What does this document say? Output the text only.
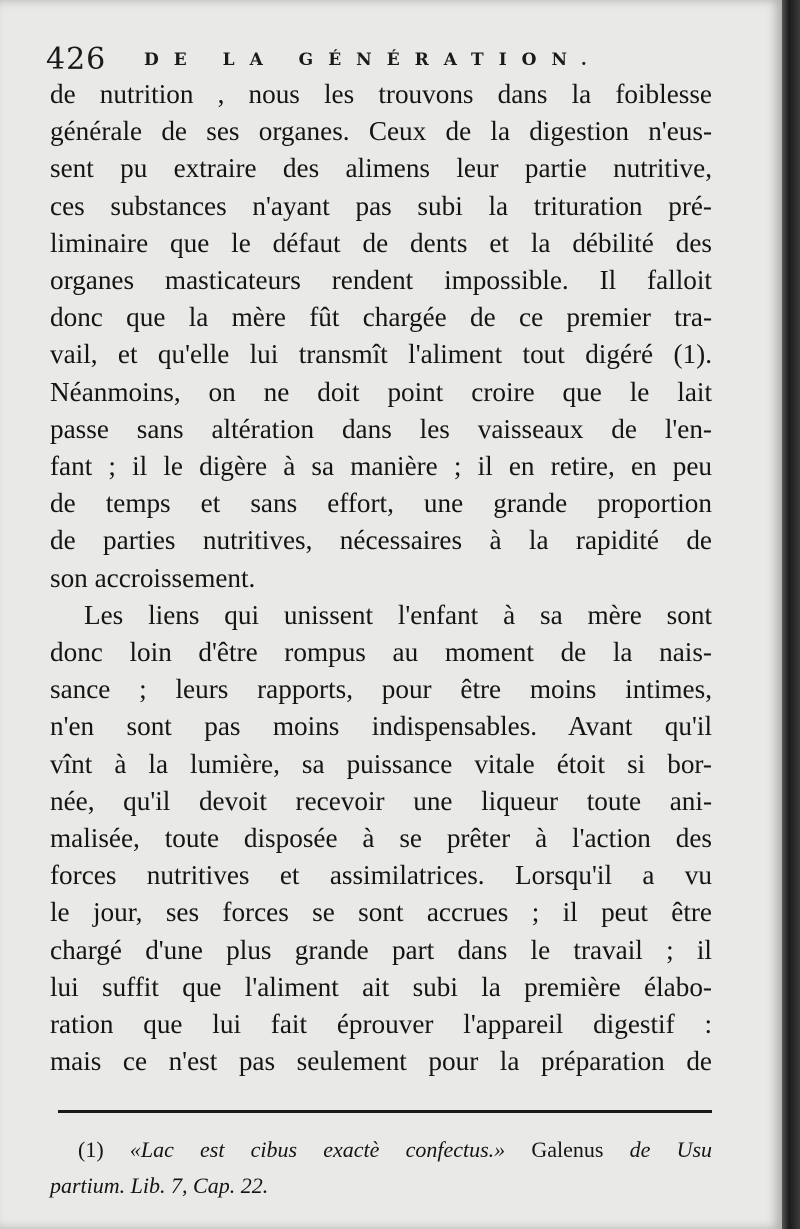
426 DE LA GÉNÉRATION.
de nutrition , nous les trouvons dans la foiblesse
générale de ses organes. Ceux de la digestion n'eus-
sent pu extraire des alimens leur partie nutritive,
ces substances n'ayant pas subi la trituration pré-
liminaire que le défaut de dents et la débilité des
organes masticateurs rendent impossible. Il falloit
donc que la mère fût chargée de ce premier tra-
vail, et qu'elle lui transmît l'aliment tout digéré (1).
Néanmoins, on ne doit point croire que le lait
passe sans altération dans les vaisseaux de l'en-
fant ; il le digère à sa manière ; il en retire, en peu
de temps et sans effort, une grande proportion
de parties nutritives, nécessaires à la rapidité de
son accroissement.
Les liens qui unissent l'enfant à sa mère sont
donc loin d'être rompus au moment de la nais-
sance ; leurs rapports, pour être moins intimes,
n'en sont pas moins indispensables. Avant qu'il
vînt à la lumière, sa puissance vitale étoit si bor-
née, qu'il devoit recevoir une liqueur toute ani-
malisée, toute disposée à se prêter à l'action des
forces nutritives et assimilatrices. Lorsqu'il a vu
le jour, ses forces se sont accrues ; il peut être
chargé d'une plus grande part dans le travail ; il
lui suffit que l'aliment ait subi la première élabo-
ration que lui fait éprouver l'appareil digestif :
mais ce n'est pas seulement pour la préparation de
(1) «Lac est cibus exactè confectus.» Galenus de Usu
partium. Lib. 7, Cap. 22.
